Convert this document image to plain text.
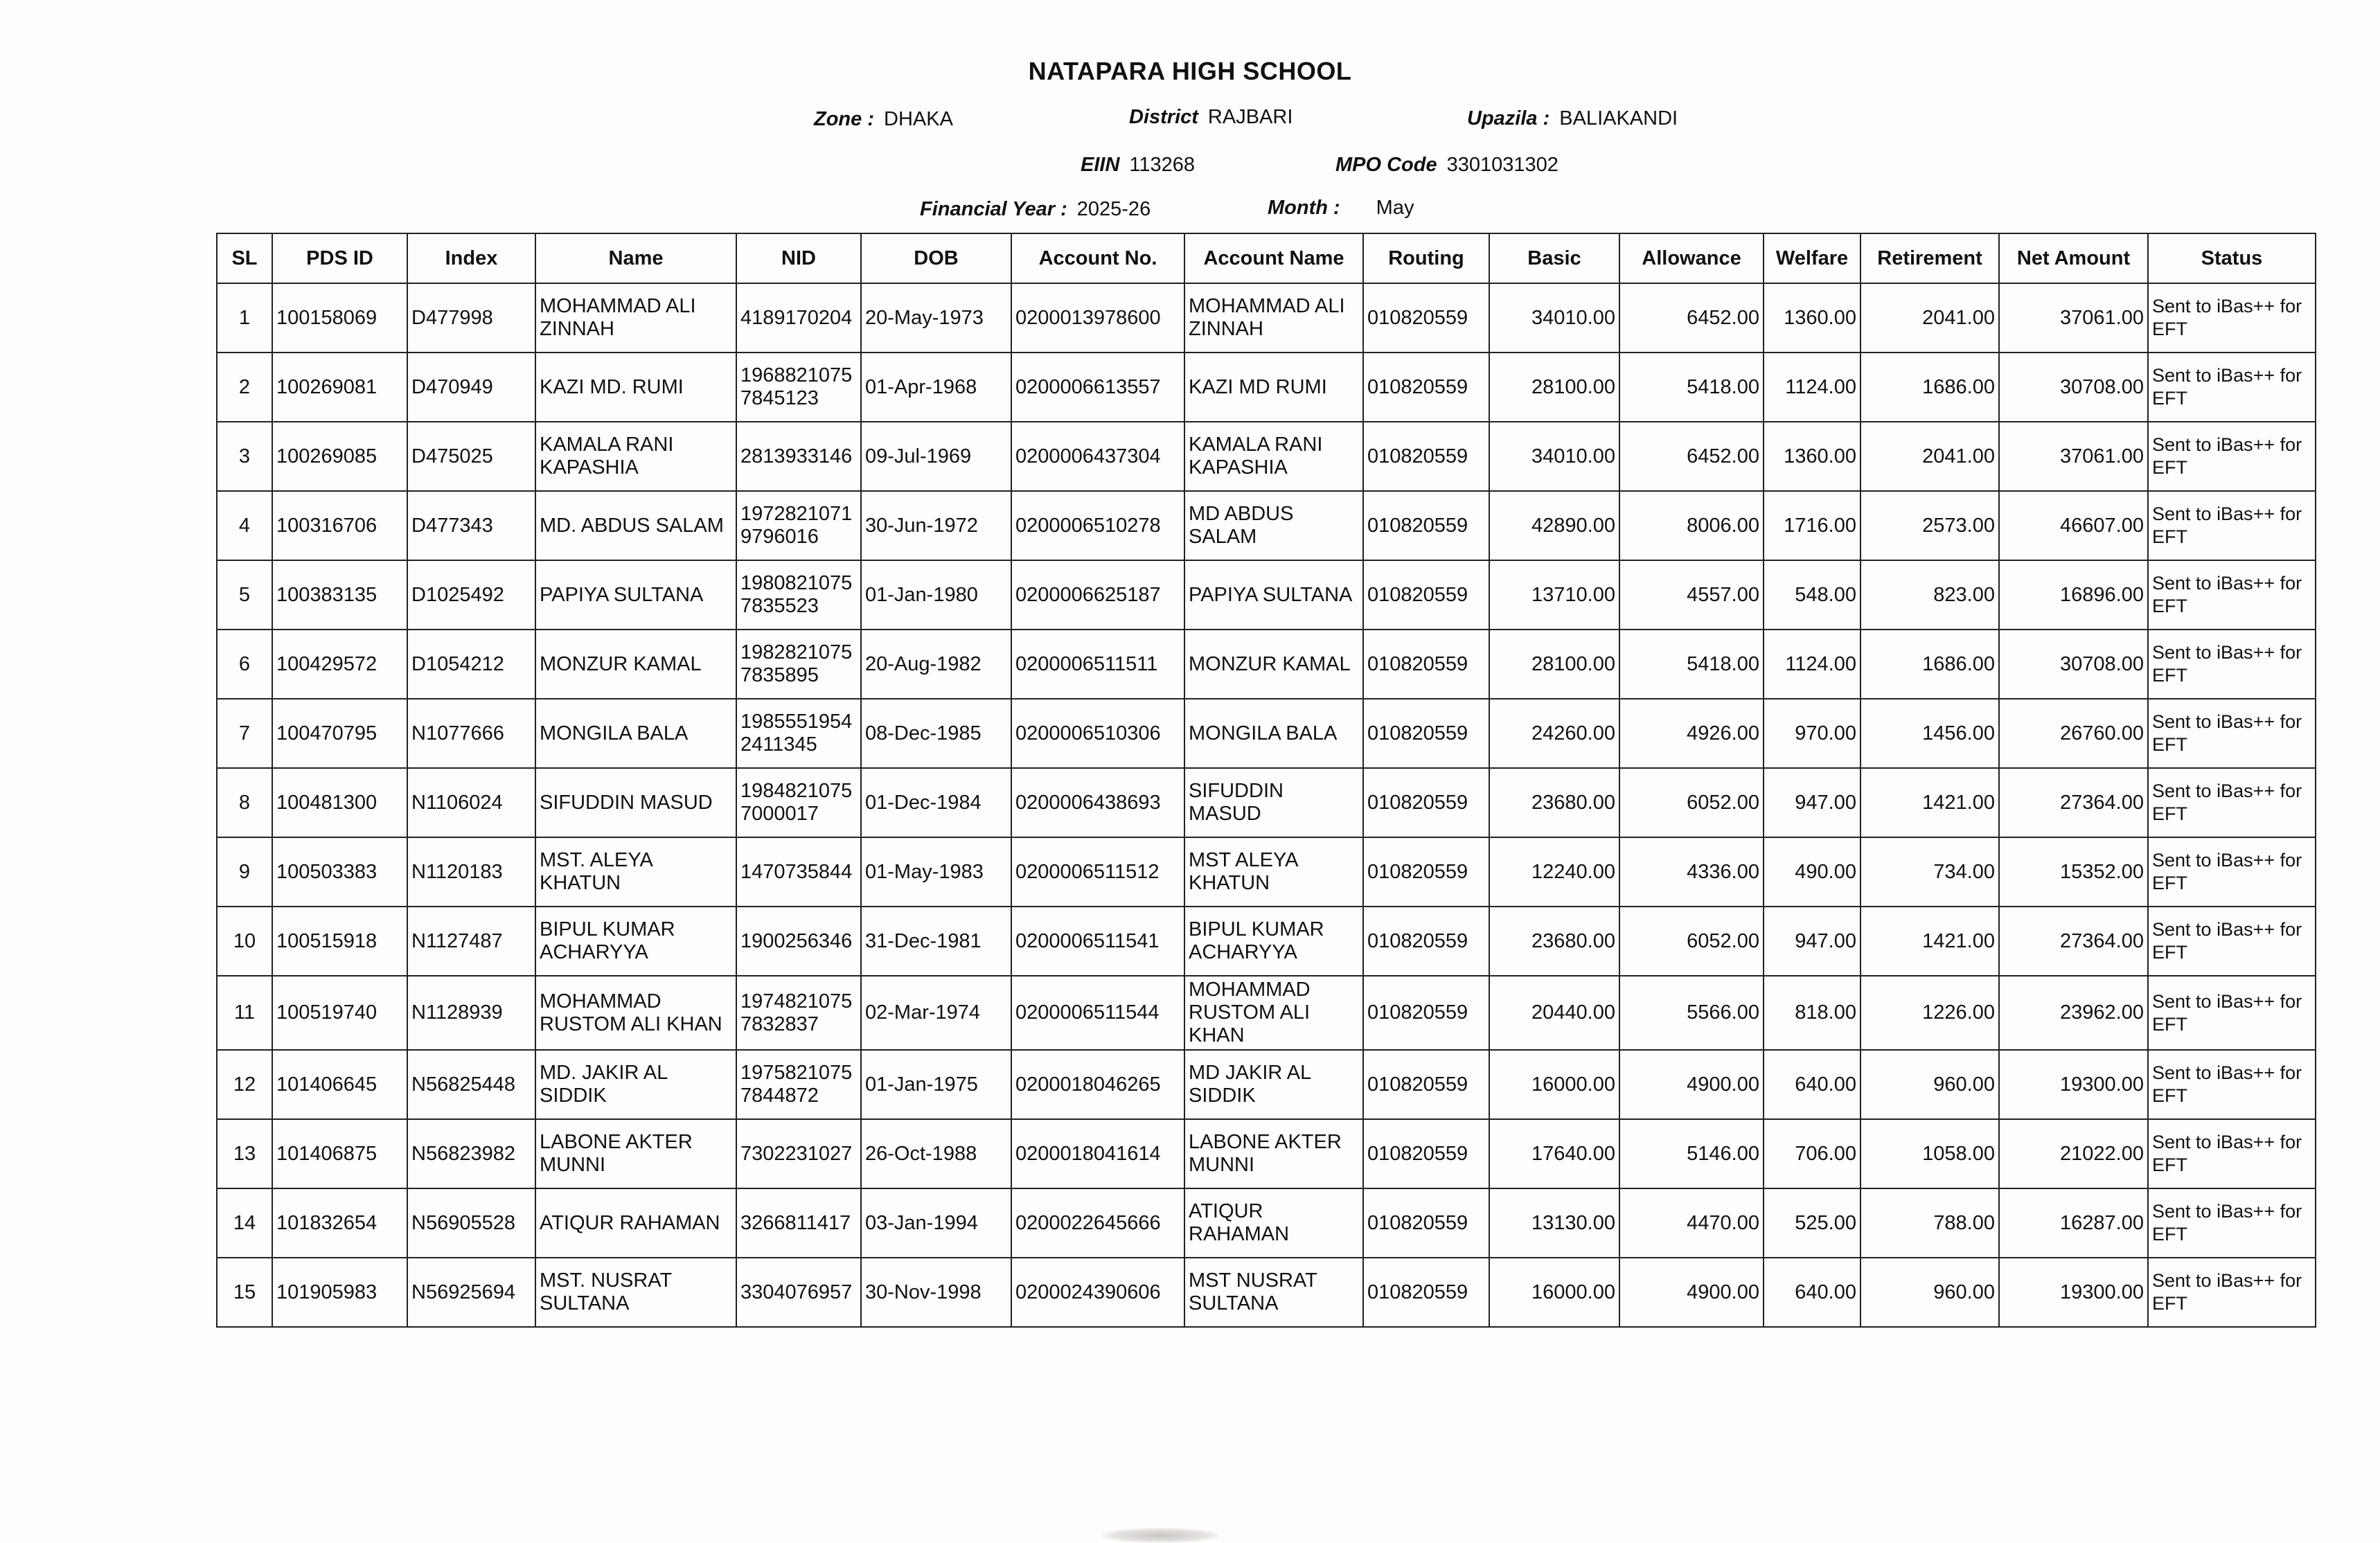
NATAPARA HIGH SCHOOL
Zone : DHAKA	District RAJBARI	Upazila : BALIAKANDI
EIIN 113268	MPO Code 3301031302
Financial Year : 2025-26	Month : May
SL	PDS ID	Index	Name	NID	DOB	Account No.	Account Name	Routing	Basic	Allowance	Welfare	Retirement	Net Amount	Status
1	100158069	D477998	MOHAMMAD ALI ZINNAH	4189170204	20-May-1973	0200013978600	MOHAMMAD ALI ZINNAH	010820559	34010.00	6452.00	1360.00	2041.00	37061.00	Sent to iBas++ for EFT
2	100269081	D470949	KAZI MD. RUMI	19688210757845123	01-Apr-1968	0200006613557	KAZI MD RUMI	010820559	28100.00	5418.00	1124.00	1686.00	30708.00	Sent to iBas++ for EFT
3	100269085	D475025	KAMALA RANI KAPASHIA	2813933146	09-Jul-1969	0200006437304	KAMALA RANI KAPASHIA	010820559	34010.00	6452.00	1360.00	2041.00	37061.00	Sent to iBas++ for EFT
4	100316706	D477343	MD. ABDUS SALAM	19728210719796016	30-Jun-1972	0200006510278	MD ABDUS SALAM	010820559	42890.00	8006.00	1716.00	2573.00	46607.00	Sent to iBas++ for EFT
5	100383135	D1025492	PAPIYA SULTANA	19808210757835523	01-Jan-1980	0200006625187	PAPIYA SULTANA	010820559	13710.00	4557.00	548.00	823.00	16896.00	Sent to iBas++ for EFT
6	100429572	D1054212	MONZUR KAMAL	19828210757835895	20-Aug-1982	0200006511511	MONZUR KAMAL	010820559	28100.00	5418.00	1124.00	1686.00	30708.00	Sent to iBas++ for EFT
7	100470795	N1077666	MONGILA BALA	19855519542411345	08-Dec-1985	0200006510306	MONGILA BALA	010820559	24260.00	4926.00	970.00	1456.00	26760.00	Sent to iBas++ for EFT
8	100481300	N1106024	SIFUDDIN MASUD	19848210757000017	01-Dec-1984	0200006438693	SIFUDDIN MASUD	010820559	23680.00	6052.00	947.00	1421.00	27364.00	Sent to iBas++ for EFT
9	100503383	N1120183	MST. ALEYA KHATUN	1470735844	01-May-1983	0200006511512	MST ALEYA KHATUN	010820559	12240.00	4336.00	490.00	734.00	15352.00	Sent to iBas++ for EFT
10	100515918	N1127487	BIPUL KUMAR ACHARYYA	1900256346	31-Dec-1981	0200006511541	BIPUL KUMAR ACHARYYA	010820559	23680.00	6052.00	947.00	1421.00	27364.00	Sent to iBas++ for EFT
11	100519740	N1128939	MOHAMMAD RUSTOM ALI KHAN	19748210757832837	02-Mar-1974	0200006511544	MOHAMMAD RUSTOM ALI KHAN	010820559	20440.00	5566.00	818.00	1226.00	23962.00	Sent to iBas++ for EFT
12	101406645	N56825448	MD. JAKIR AL SIDDIK	19758210757844872	01-Jan-1975	0200018046265	MD JAKIR AL SIDDIK	010820559	16000.00	4900.00	640.00	960.00	19300.00	Sent to iBas++ for EFT
13	101406875	N56823982	LABONE AKTER MUNNI	7302231027	26-Oct-1988	0200018041614	LABONE AKTER MUNNI	010820559	17640.00	5146.00	706.00	1058.00	21022.00	Sent to iBas++ for EFT
14	101832654	N56905528	ATIQUR RAHAMAN	3266811417	03-Jan-1994	0200022645666	ATIQUR RAHAMAN	010820559	13130.00	4470.00	525.00	788.00	16287.00	Sent to iBas++ for EFT
15	101905983	N56925694	MST. NUSRAT SULTANA	3304076957	30-Nov-1998	0200024390606	MST NUSRAT SULTANA	010820559	16000.00	4900.00	640.00	960.00	19300.00	Sent to iBas++ for EFT
